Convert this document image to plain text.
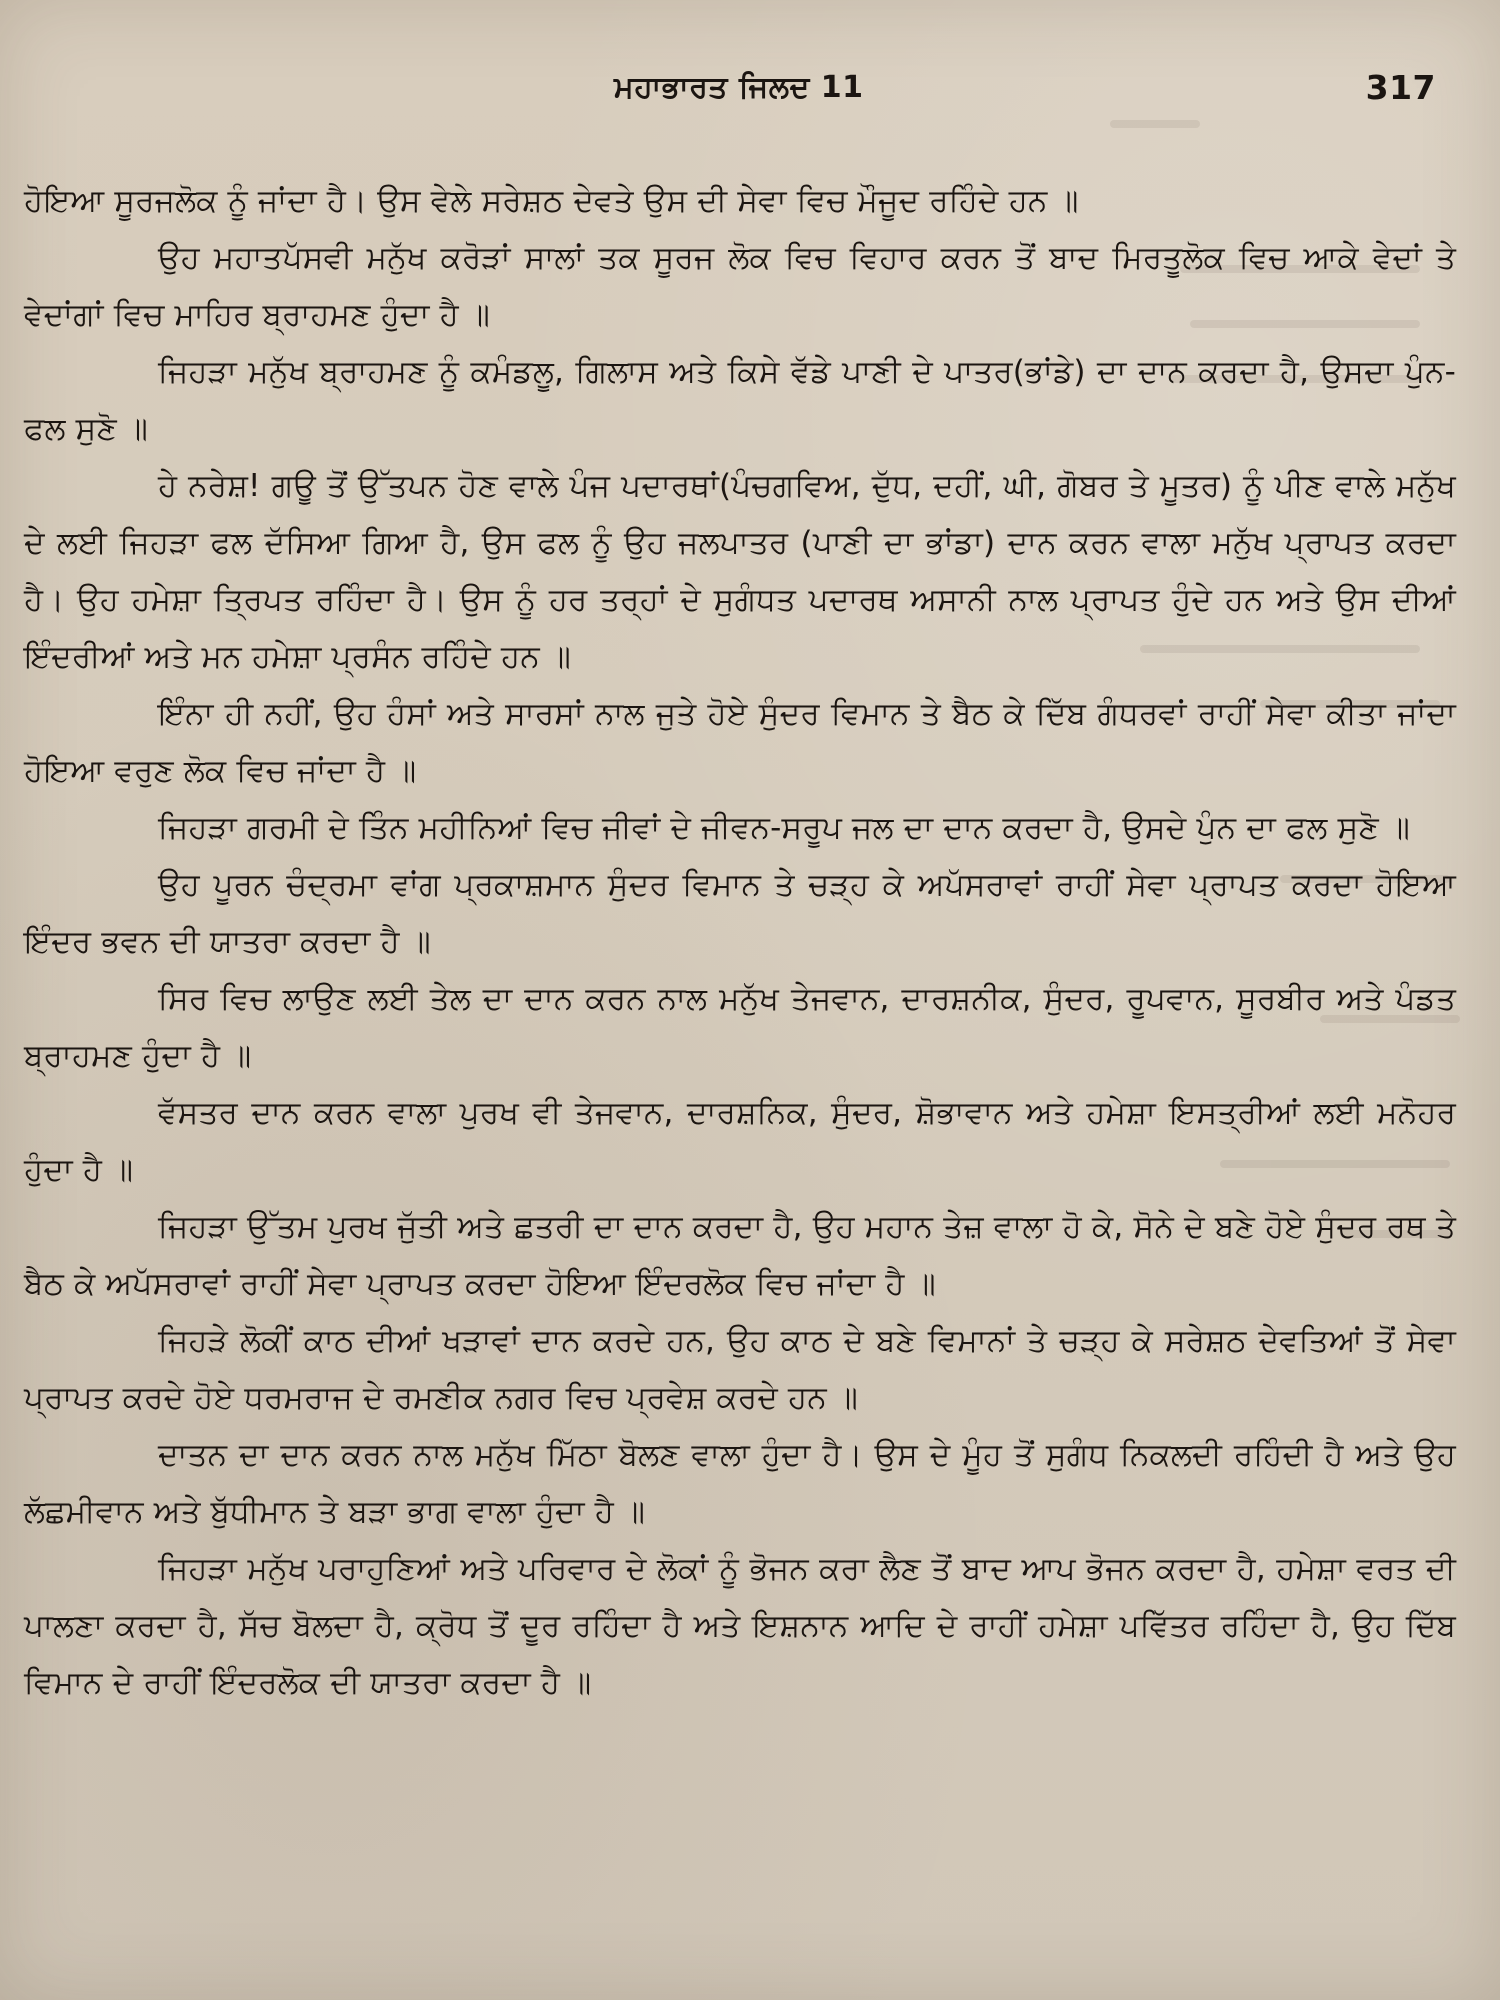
ਮਹਾਭਾਰਤ ਜਿਲਦ 11	317

ਹੋਇਆ ਸੂਰਜਲੋਕ ਨੂੰ ਜਾਂਦਾ ਹੈ। ਉਸ ਵੇਲੇ ਸਰੇਸ਼ਠ ਦੇਵਤੇ ਉਸ ਦੀ ਸੇਵਾ ਵਿਚ ਮੌਜੂਦ ਰਹਿੰਦੇ ਹਨ ॥

ਉਹ ਮਹਾਤਪੱਸਵੀ ਮਨੁੱਖ ਕਰੋੜਾਂ ਸਾਲਾਂ ਤਕ ਸੂਰਜ ਲੋਕ ਵਿਚ ਵਿਹਾਰ ਕਰਨ ਤੋਂ ਬਾਦ ਮਿਰਤੂਲੋਕ ਵਿਚ ਆਕੇ ਵੇਦਾਂ ਤੇ ਵੇਦਾਂਗਾਂ ਵਿਚ ਮਾਹਿਰ ਬ੍ਰਾਹਮਣ ਹੁੰਦਾ ਹੈ ॥

ਜਿਹੜਾ ਮਨੁੱਖ ਬ੍ਰਾਹਮਣ ਨੂੰ ਕਮੰਡਲੂ, ਗਿਲਾਸ ਅਤੇ ਕਿਸੇ ਵੱਡੇ ਪਾਣੀ ਦੇ ਪਾਤਰ(ਭਾਂਡੇ) ਦਾ ਦਾਨ ਕਰਦਾ ਹੈ, ਉਸਦਾ ਪੁੰਨ-ਫਲ ਸੁਣੋ ॥

ਹੇ ਨਰੇਸ਼! ਗਊ ਤੋਂ ਉੱਤਪਨ ਹੋਣ ਵਾਲੇ ਪੰਜ ਪਦਾਰਥਾਂ(ਪੰਚਗਵਿਅ, ਦੁੱਧ, ਦਹੀਂ, ਘੀ, ਗੋਬਰ ਤੇ ਮੂਤਰ) ਨੂੰ ਪੀਣ ਵਾਲੇ ਮਨੁੱਖ ਦੇ ਲਈ ਜਿਹੜਾ ਫਲ ਦੱਸਿਆ ਗਿਆ ਹੈ, ਉਸ ਫਲ ਨੂੰ ਉਹ ਜਲਪਾਤਰ (ਪਾਣੀ ਦਾ ਭਾਂਡਾ) ਦਾਨ ਕਰਨ ਵਾਲਾ ਮਨੁੱਖ ਪ੍ਰਾਪਤ ਕਰਦਾ ਹੈ। ਉਹ ਹਮੇਸ਼ਾ ਤ੍ਰਿਪਤ ਰਹਿੰਦਾ ਹੈ। ਉਸ ਨੂੰ ਹਰ ਤਰ੍ਹਾਂ ਦੇ ਸੁਗੰਧਤ ਪਦਾਰਥ ਅਸਾਨੀ ਨਾਲ ਪ੍ਰਾਪਤ ਹੁੰਦੇ ਹਨ ਅਤੇ ਉਸ ਦੀਆਂ ਇੰਦਰੀਆਂ ਅਤੇ ਮਨ ਹਮੇਸ਼ਾ ਪ੍ਰਸੰਨ ਰਹਿੰਦੇ ਹਨ ॥

ਇੰਨਾ ਹੀ ਨਹੀਂ, ਉਹ ਹੰਸਾਂ ਅਤੇ ਸਾਰਸਾਂ ਨਾਲ ਜੁਤੇ ਹੋਏ ਸੁੰਦਰ ਵਿਮਾਨ ਤੇ ਬੈਠ ਕੇ ਦਿੱਬ ਗੰਧਰਵਾਂ ਰਾਹੀਂ ਸੇਵਾ ਕੀਤਾ ਜਾਂਦਾ ਹੋਇਆ ਵਰੁਣ ਲੋਕ ਵਿਚ ਜਾਂਦਾ ਹੈ ॥

ਜਿਹੜਾ ਗਰਮੀ ਦੇ ਤਿੰਨ ਮਹੀਨਿਆਂ ਵਿਚ ਜੀਵਾਂ ਦੇ ਜੀਵਨ-ਸਰੂਪ ਜਲ ਦਾ ਦਾਨ ਕਰਦਾ ਹੈ, ਉਸਦੇ ਪੁੰਨ ਦਾ ਫਲ ਸੁਣੋ ॥

ਉਹ ਪੂਰਨ ਚੰਦ੍ਰਮਾ ਵਾਂਗ ਪ੍ਰਕਾਸ਼ਮਾਨ ਸੁੰਦਰ ਵਿਮਾਨ ਤੇ ਚੜ੍ਹ ਕੇ ਅਪੱਸਰਾਵਾਂ ਰਾਹੀਂ ਸੇਵਾ ਪ੍ਰਾਪਤ ਕਰਦਾ ਹੋਇਆ ਇੰਦਰ ਭਵਨ ਦੀ ਯਾਤਰਾ ਕਰਦਾ ਹੈ ॥

ਸਿਰ ਵਿਚ ਲਾਉਣ ਲਈ ਤੇਲ ਦਾ ਦਾਨ ਕਰਨ ਨਾਲ ਮਨੁੱਖ ਤੇਜਵਾਨ, ਦਾਰਸ਼ਨੀਕ, ਸੁੰਦਰ, ਰੂਪਵਾਨ, ਸੂਰਬੀਰ ਅਤੇ ਪੰਡਤ ਬ੍ਰਾਹਮਣ ਹੁੰਦਾ ਹੈ ॥

ਵੱਸਤਰ ਦਾਨ ਕਰਨ ਵਾਲਾ ਪੁਰਖ ਵੀ ਤੇਜਵਾਨ, ਦਾਰਸ਼ਨਿਕ, ਸੁੰਦਰ, ਸ਼ੋਭਾਵਾਨ ਅਤੇ ਹਮੇਸ਼ਾ ਇਸਤ੍ਰੀਆਂ ਲਈ ਮਨੋਹਰ ਹੁੰਦਾ ਹੈ ॥

ਜਿਹੜਾ ਉੱਤਮ ਪੁਰਖ ਜੁੱਤੀ ਅਤੇ ਛਤਰੀ ਦਾ ਦਾਨ ਕਰਦਾ ਹੈ, ਉਹ ਮਹਾਨ ਤੇਜ਼ ਵਾਲਾ ਹੋ ਕੇ, ਸੋਨੇ ਦੇ ਬਣੇ ਹੋਏ ਸੁੰਦਰ ਰਥ ਤੇ ਬੈਠ ਕੇ ਅਪੱਸਰਾਵਾਂ ਰਾਹੀਂ ਸੇਵਾ ਪ੍ਰਾਪਤ ਕਰਦਾ ਹੋਇਆ ਇੰਦਰਲੋਕ ਵਿਚ ਜਾਂਦਾ ਹੈ ॥

ਜਿਹੜੇ ਲੋਕੀਂ ਕਾਠ ਦੀਆਂ ਖੜਾਵਾਂ ਦਾਨ ਕਰਦੇ ਹਨ, ਉਹ ਕਾਠ ਦੇ ਬਣੇ ਵਿਮਾਨਾਂ ਤੇ ਚੜ੍ਹ ਕੇ ਸਰੇਸ਼ਠ ਦੇਵਤਿਆਂ ਤੋਂ ਸੇਵਾ ਪ੍ਰਾਪਤ ਕਰਦੇ ਹੋਏ ਧਰਮਰਾਜ ਦੇ ਰਮਣੀਕ ਨਗਰ ਵਿਚ ਪ੍ਰਵੇਸ਼ ਕਰਦੇ ਹਨ ॥

ਦਾਤਨ ਦਾ ਦਾਨ ਕਰਨ ਨਾਲ ਮਨੁੱਖ ਮਿੱਠਾ ਬੋਲਣ ਵਾਲਾ ਹੁੰਦਾ ਹੈ। ਉਸ ਦੇ ਮੂੰਹ ਤੋਂ ਸੁਗੰਧ ਨਿਕਲਦੀ ਰਹਿੰਦੀ ਹੈ ਅਤੇ ਉਹ ਲੱਛਮੀਵਾਨ ਅਤੇ ਬੁੱਧੀਮਾਨ ਤੇ ਬੜਾ ਭਾਗ ਵਾਲਾ ਹੁੰਦਾ ਹੈ ॥

ਜਿਹੜਾ ਮਨੁੱਖ ਪਰਾਹੁਣਿਆਂ ਅਤੇ ਪਰਿਵਾਰ ਦੇ ਲੋਕਾਂ ਨੂੰ ਭੋਜਨ ਕਰਾ ਲੈਣ ਤੋਂ ਬਾਦ ਆਪ ਭੋਜਨ ਕਰਦਾ ਹੈ, ਹਮੇਸ਼ਾ ਵਰਤ ਦੀ ਪਾਲਣਾ ਕਰਦਾ ਹੈ, ਸੱਚ ਬੋਲਦਾ ਹੈ, ਕ੍ਰੋਧ ਤੋਂ ਦੂਰ ਰਹਿੰਦਾ ਹੈ ਅਤੇ ਇਸ਼ਨਾਨ ਆਦਿ ਦੇ ਰਾਹੀਂ ਹਮੇਸ਼ਾ ਪਵਿੱਤਰ ਰਹਿੰਦਾ ਹੈ, ਉਹ ਦਿੱਬ ਵਿਮਾਨ ਦੇ ਰਾਹੀਂ ਇੰਦਰਲੋਕ ਦੀ ਯਾਤਰਾ ਕਰਦਾ ਹੈ ॥
